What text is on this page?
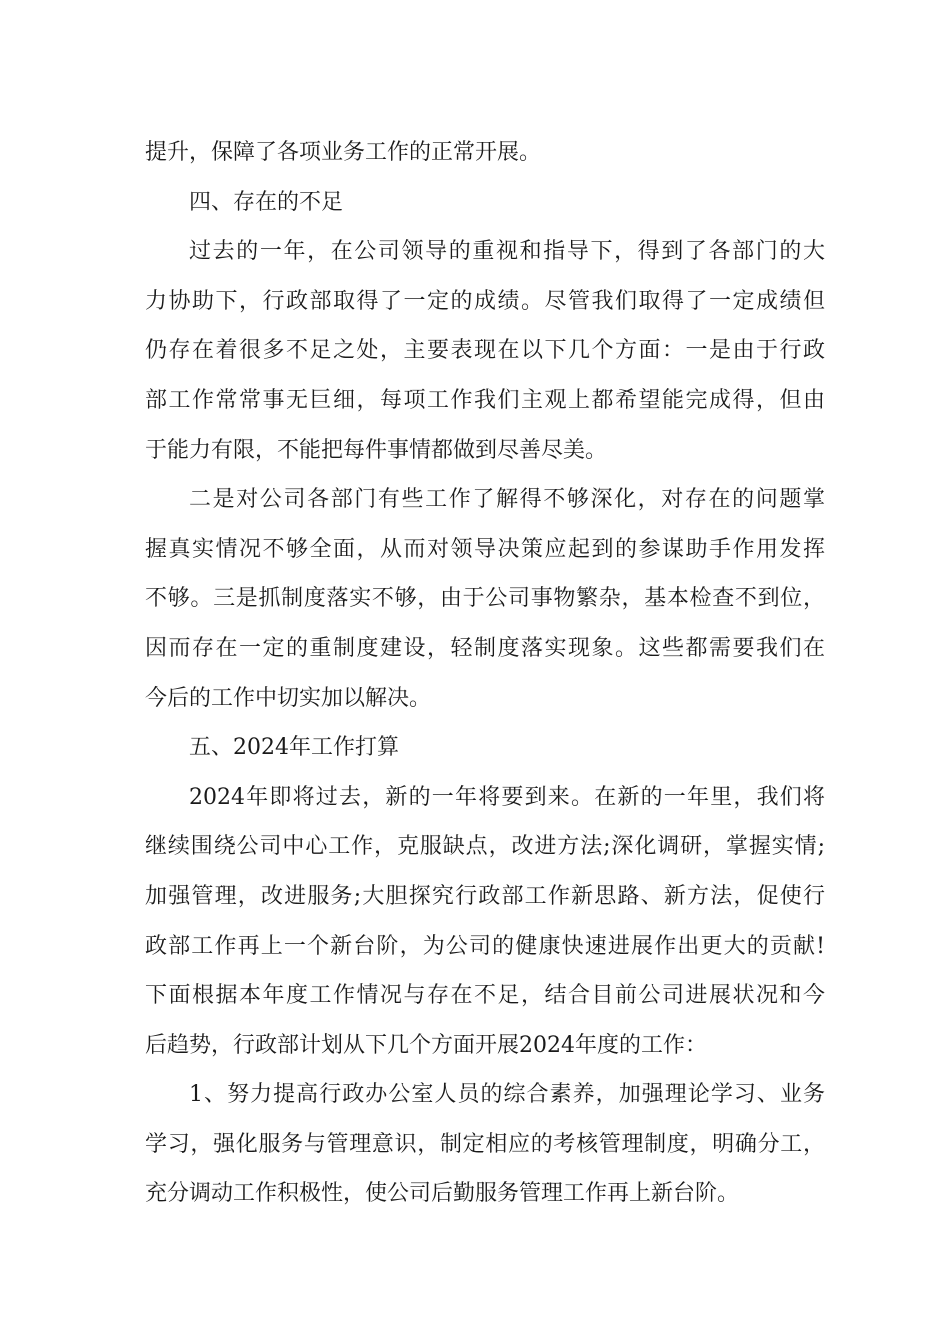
提升，保障了各项业务工作的正常开展。
四、存在的不足
过去的一年，在公司领导的重视和指导下，得到了各部门的大
力协助下，行政部取得了一定的成绩。尽管我们取得了一定成绩但
仍存在着很多不足之处，主要表现在以下几个方面：一是由于行政
部工作常常事无巨细，每项工作我们主观上都希望能完成得，但由
于能力有限，不能把每件事情都做到尽善尽美。
二是对公司各部门有些工作了解得不够深化，对存在的问题掌
握真实情况不够全面，从而对领导决策应起到的参谋助手作用发挥
不够。三是抓制度落实不够，由于公司事物繁杂，基本检查不到位，
因而存在一定的重制度建设，轻制度落实现象。这些都需要我们在
今后的工作中切实加以解决。
五、2024年工作打算
2024年即将过去，新的一年将要到来。在新的一年里，我们将
继续围绕公司中心工作，克服缺点，改进方法;深化调研，掌握实情;
加强管理，改进服务;大胆探究行政部工作新思路、新方法，促使行
政部工作再上一个新台阶，为公司的健康快速进展作出更大的贡献!
下面根据本年度工作情况与存在不足，结合目前公司进展状况和今
后趋势，行政部计划从下几个方面开展2024年度的工作：
1、努力提高行政办公室人员的综合素养，加强理论学习、业务
学习，强化服务与管理意识，制定相应的考核管理制度，明确分工，
充分调动工作积极性，使公司后勤服务管理工作再上新台阶。
